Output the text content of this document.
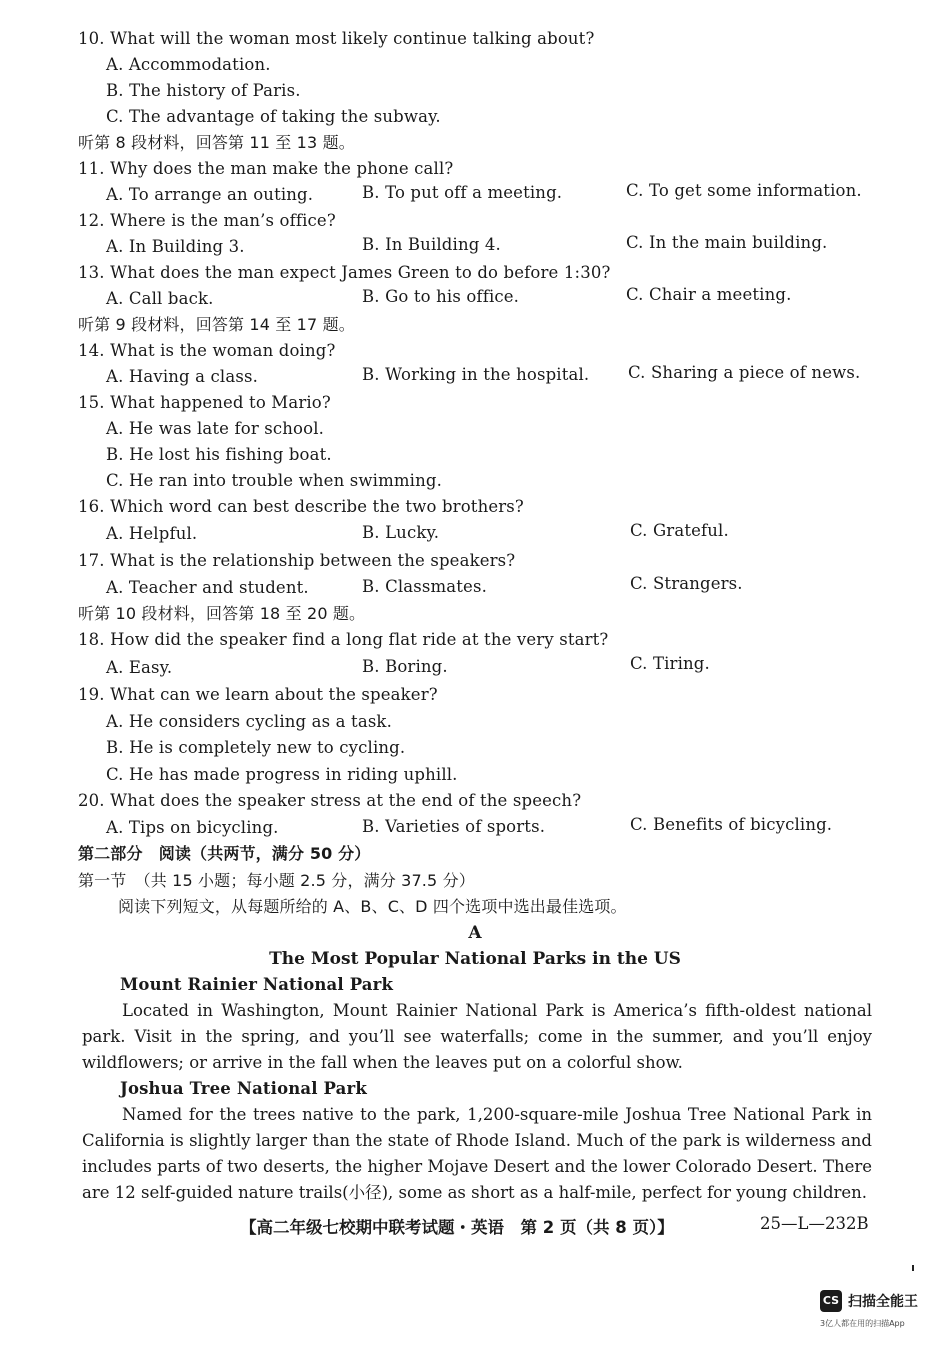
10. What will the woman most likely continue talking about?
A. Accommodation.
B. The history of Paris.
C. The advantage of taking the subway.
听第 8 段材料，回答第 11 至 13 题。
11. Why does the man make the phone call?
A. To arrange an outing.	B. To put off a meeting.	C. To get some information.
12. Where is the man’s office?
A. In Building 3.	B. In Building 4.	C. In the main building.
13. What does the man expect James Green to do before 1:30?
A. Call back.	B. Go to his office.	C. Chair a meeting.
听第 9 段材料，回答第 14 至 17 题。
14. What is the woman doing?
A. Having a class.	B. Working in the hospital. C. Sharing a piece of news.
15. What happened to Mario?
A. He was late for school.
B. He lost his fishing boat.
C. He ran into trouble when swimming.
16. Which word can best describe the two brothers?
A. Helpful.	B. Lucky.	C. Grateful.
17. What is the relationship between the speakers?
A. Teacher and student.	B. Classmates.	C. Strangers.
听第 10 段材料，回答第 18 至 20 题。
18. How did the speaker find a long flat ride at the very start?
A. Easy.	B. Boring.	C. Tiring.
19. What can we learn about the speaker?
A. He considers cycling as a task.
B. He is completely new to cycling.
C. He has made progress in riding uphill.
20. What does the speaker stress at the end of the speech?
A. Tips on bicycling.	B. Varieties of sports.	C. Benefits of bicycling.
第二部分　阅读（共两节，满分 50 分）
第一节　（共 15 小题；每小题 2.5 分，满分 37.5 分）
阅读下列短文，从每题所给的 A、B、C、D 四个选项中选出最佳选项。
A
The Most Popular National Parks in the US
Mount Rainier National Park
Located in Washington, Mount Rainier National Park is America’s fifth-oldest national park. Visit in the spring, and you’ll see waterfalls; come in the summer, and you’ll enjoy wildflowers; or arrive in the fall when the leaves put on a colorful show.
Joshua Tree National Park
Named for the trees native to the park, 1,200-square-mile Joshua Tree National Park in California is slightly larger than the state of Rhode Island. Much of the park is wilderness and includes parts of two deserts, the higher Mojave Desert and the lower Colorado Desert. There are 12 self-guided nature trails(小径), some as short as a half-mile, perfect for young children.
【高二年级七校期中联考试题・英语　第 2 页（共 8 页）】	25—L—232B
CS 扫描全能王
3亿人都在用的扫描App
